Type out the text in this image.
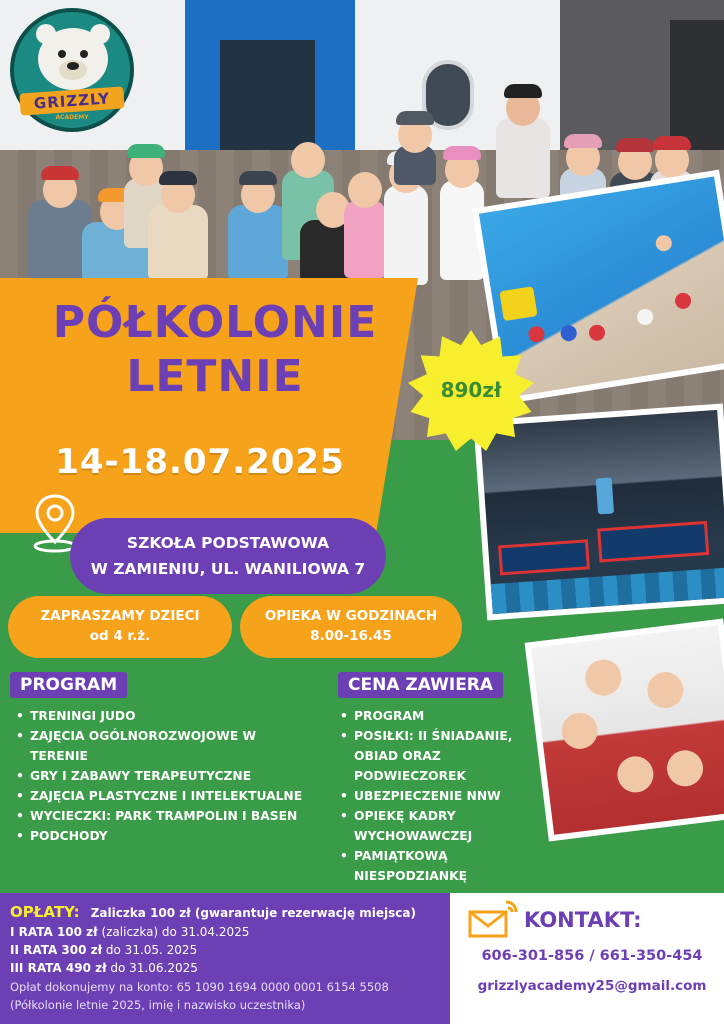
GRIZZLY
ACADEMY
PÓŁKOLONIE
LETNIE
14-18.07.2025
890zł
SZKOŁA PODSTAWOWA
W ZAMIENIU, UL. WANILIOWA 7
ZAPRASZAMY DZIECI
od 4 r.ż.
OPIEKA W GODZINACH
8.00-16.45
PROGRAM
• TRENINGI JUDO
• ZAJĘCIA OGÓLNOROZWOJOWE W TERENIE
• GRY I ZABAWY TERAPEUTYCZNE
• ZAJĘCIA PLASTYCZNE I INTELEKTUALNE
• WYCIECZKI: PARK TRAMPOLIN I BASEN
• PODCHODY
CENA ZAWIERA
• PROGRAM
• POSIŁKI: II ŚNIADANIE, OBIAD ORAZ PODWIECZOREK
• UBEZPIECZENIE NNW
• OPIEKĘ KADRY WYCHOWAWCZEJ
• PAMIĄTKOWĄ NIESPODZIANKĘ
OPŁATY: Zaliczka 100 zł (gwarantuje rezerwację miejsca)
I RATA 100 zł (zaliczka) do 31.04.2025
II RATA 300 zł do 31.05. 2025
III RATA 490 zł do 31.06.2025
Opłat dokonujemy na konto: 65 1090 1694 0000 0001 6154 5508
(Półkolonie letnie 2025, imię i nazwisko uczestnika)
KONTAKT:
606-301-856 / 661-350-454
grizzlyacademy25@gmail.com
